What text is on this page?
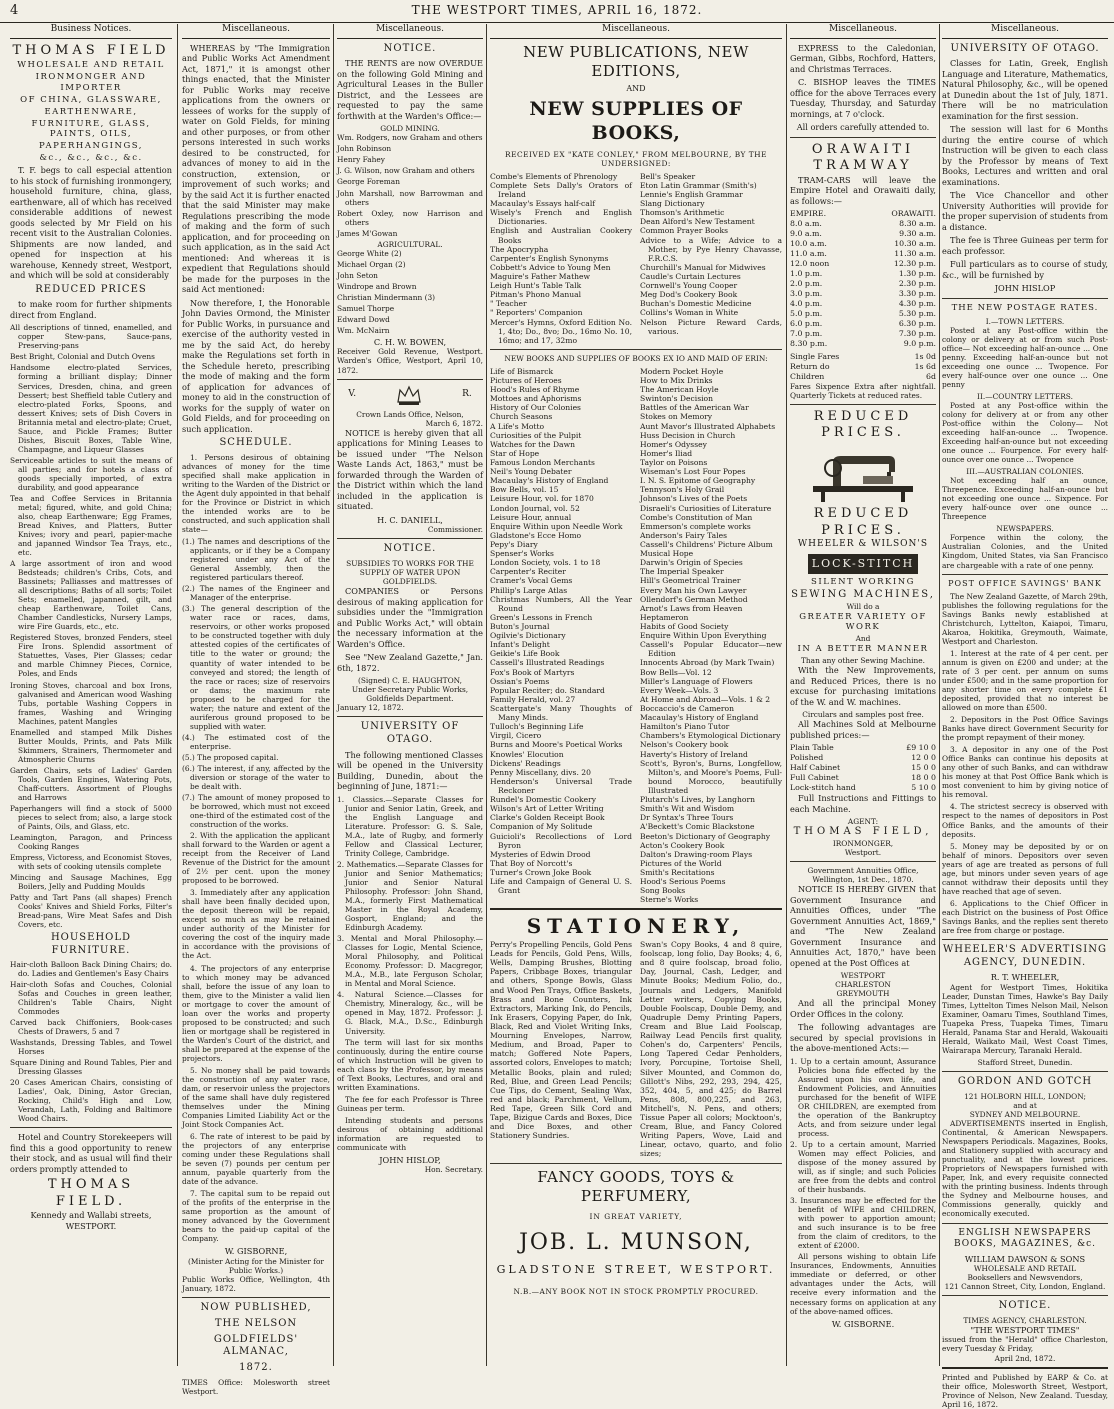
4	THE WESTPORT TIMES, APRIL 16, 1872.
Business Notices.
THOMAS FIELD
WHOLESALE AND RETAIL
IRONMONGER AND IMPORTER
OF CHINA, GLASSWARE,
EARTHENWARE,
FURNITURE, GLASS, PAINTS, OILS,
PAPERHANGINGS,
&c., &c., &c., &c.

T. F. begs to call especial attention to his stock of furnishing ironmongery, household furniture, china, glass, earthenware, all of which has received considerable additions of newest goods selected by Mr Field on his recent visit to the Australian Colonies. Shipments are now landed, and opened for inspection at his warehouse, Kennedy street, Westport, and which will be sold at considerably

REDUCED PRICES

to make room for further shipments direct from England.

All descriptions of tinned, enamelled, and copper Stew-pans, Sauce-pans, Preserving-pans
Best Bright, Colonial and Dutch Ovens
Handsome electro-plated Services, forming a brilliant display; Dinner Services, Dresden, china, and green Dessert; best Sheffield table Cutlery and electro-plated Forks, Spoons, and dessert Knives; sets of Dish Covers in Britannia metal and electro-plate; Cruet, Sauce, and Pickle Frames; Butter Dishes, Biscuit Boxes, Table Wine, Champagne, and Liqueur Glasses
Serviceable articles to suit the means of all parties; and for hotels a class of goods specially imported, of extra durability, and good appearance
Tea and Coffee Services in Britannia metal; figured, white, and gold China; also, cheap Earthenware; Egg Frames, Bread Knives, and Platters, Butter Knives; ivory and pearl, papier-mache and japanned Windsor Tea Trays, etc., etc.
A large assortment of iron and wood Bedsteads; children's Cribs, Cots, and Bassinets; Palliasses and mattresses of all descriptions; Baths of all sorts; Toilet Sets; enamelled, japanned, gilt, and cheap Earthenware, Toilet Cans, Chamber Candlesticks, Nursery Lamps, wire Fire Guards, etc., etc.
Registered Stoves, bronzed Fenders, steel Fire Irons. Splendid assortment of Statuettes, Vases, Pier Glasses; cedar and marble Chimney Pieces, Cornice, Poles, and Ends
Ironing Stoves, charcoal and box Irons, galvanised and American wood Washing Tubs, portable Washing Coppers in frames, Washing and Wringing Machines, patent Mangles
Enamelled and stamped Milk Dishes Butter Moulds, Prints, and Pats Milk Skimmers, Strainers, Thermometer and Atmospheric Churns
Garden Chairs, sets of Ladies' Garden Tools, Garden Engines, Watering Pots, Chaff-cutters. Assortment of Ploughs and Harrows
Paperhangers will find a stock of 5000 pieces to select from; also, a large stock of Paints, Oils, and Glass, etc.
Leamington, Paragon, and Princess Cooking Ranges
Empress, Victoress, and Economist Stoves, with sets of cooking utensils complete
Mincing and Sausage Machines, Egg Boilers, Jelly and Pudding Moulds
Patty and Tart Pans (all shapes) French Cooks' Knives and Shield Forks, Filter's Bread-pans, Wire Meat Safes and Dish Covers, etc.
HOUSEHOLD FURNITURE.
Hair-cloth Balloon Back Dining Chairs; do. do. Ladies and Gentlemen's Easy Chairs
Hair-cloth Sofas and Couches, Colonial Sofas and Couches in green leather, Children's Table Chairs, Night Commodes
Carved back Chiffoniers, Book-cases Chests of Drawers, 5 and 7
Washstands, Dressing Tables, and Towel Horses
Square Dining and Round Tables, Pier and Dressing Glasses
20 Cases American Chairs, consisting of Ladies', Oak, Dining, Astor Grecian, Rocking, Child's High and Low, Verandah, Lath, Folding and Baltimore Wood Chairs.

Hotel and Country Storekeepers will find this a good opportunity to renew their stock, and as usual will find their orders promptly attended to

THOMAS FIELD.
Kennedy and Wallabi streets,
WESTPORT.
Miscellaneous.

WHEREAS by "The Immigration and Public Works Act Amendment Act, 1871," it is amongst other things enacted, that the Minister for Public Works may receive applications from the owners or lessees of works for the supply of water on Gold Fields, for mining and other purposes, or from other persons interested in such works desired to be constructed, for advances of money to aid in the construction, extension, or improvement of such works; and by the said Act it is further enacted that the said Minister may make Regulations prescribing the mode of making and the form of such application, and for proceeding on such application, as in the said Act mentioned: And whereas it is expedient that Regulations should be made for the purposes in the said Act mentioned:

Now therefore, I, the Honorable John Davies Ormond, the Minister for Public Works, in pursuance and exercise of the authority vested in me by the said Act, do hereby make the Regulations set forth in the Schedule hereto, prescribing the mode of making and the form of application for advances of money to aid in the construction of works for the supply of water on Gold Fields, and for proceeding on such application.

SCHEDULE.

1. Persons desirous of obtaining advances of money for the time specified shall make application in writing to the Warden of the District or the Agent duly appointed in that behalf for the Province or District in which the intended works are to be constructed, and such application shall state—

(1.) The names and descriptions of the applicants, or if they be a Company registered under any Act of the General Assembly, then the registered particulars thereof.
(2.) The names of the Engineer and Manager of the enterprise.
(3.) The general description of the water race or races, dams, reservoirs, or other works proposed to be constructed together with duly attested copies of the certificates of title to the water or ground; the quantity of water intended to be conveyed and stored; the length of the race or races; size of reservoirs or dams; the maximum rate proposed to be charged for the water; the nature and extent of the auriferous ground proposed to be supplied with water.
(4.) The estimated cost of the enterprise.
(5.) The proposed capital.
(6.) The interest, if any, affected by the diversion or storage of the water to be dealt with.
(7.) The amount of money proposed to be borrowed, which must not exceed one-third of the estimated cost of the construction of the works.

2. With the application the applicant shall forward to the Warden or agent a receipt from the Receiver of Land Revenue of the District for the amount of 2½ per cent. upon the money proposed to be borrowed.

3. Immediately after any application shall have been finally decided upon, the deposit thereon will be repaid, except so much as may be retained under authority of the Minister for covering the cost of the inquiry made in accordance with the provisions of the Act.

4. The projectors of any enterprise to which money may be advanced shall, before the issue of any loan to them, give to the Minister a valid lien or mortgage to cover the amount of loan over the works and property proposed to be constructed; and such lien or mortgage shall be registered in the Warden's Court of the district, and shall be prepared at the expense of the projectors.

5. No money shall be paid towards the construction of any water race, dam, or reservoir unless the projectors of the same shall have duly registered themselves under the Mining Companies Limited Liability Act or the Joint Stock Companies Act.

6. The rate of interest to be paid by the projectors of any enterprise coming under these Regulations shall be seven (7) pounds per centum per annum, payable quarterly from the date of the advance.

7. The capital sum to be repaid out of the profits of the enterprise in the same proportion as the amount of money advanced by the Government bears to the paid-up capital of the Company.

W. GISBORNE,
(Minister Acting for the Minister for Public Works.)
Public Works Office, Wellington, 4th January, 1872.
NOW PUBLISHED,
THE NELSON
GOLDFIELDS' ALMANAC,
1872.
TIMES Office: Molesworth street Westport.
Miscellaneous.
NOTICE.

THE RENTS are now OVERDUE on the following Gold Mining and Agricultural Leases in the Buller District, and the Lessees are requested to pay the same forthwith at the Warden's Office:—

GOLD MINING.
Wm. Rodgers, now Graham and others
John Robinson
Henry Fahey
J. G. Wilson, now Graham and others
George Foreman
John Marshall, now Barrowman and others
Robert Oxley, now Harrison and others
James M'Gowan
AGRICULTURAL.
George White (2)
Michael Organ (2)
John Seton
Windrope and Brown
Christian Mindermann (3)
Samuel Thorpe
Edward Dowd
Wm. McNairn
C. H. W. BOWEN,
Receiver Gold Revenue, Westport. Warden's Office, Westport, April 10, 1872.
V.	R.
Crown Lands Office, Nelson,
March 6, 1872.

NOTICE is hereby given that all applications for Mining Leases to be issued under "The Nelson Waste Lands Act, 1863," must be forwarded through the Warden of the District within which the land included in the application is situated.

H. C. DANIELL,
Commissioner.
NOTICE.
SUBSIDIES TO WORKS FOR THE SUPPLY OF WATER UPON GOLDFIELDS.

COMPANIES or Persons desirous of making application for subsidies under the "Immigration and Public Works Act," will obtain the necessary information at the Warden's Office.

See "New Zealand Gazette," Jan. 6th, 1872.

(Signed) C. E. HAUGHTON,
Under Secretary Public Works,
Goldfields Department.
January 12, 1872.
UNIVERSITY OF OTAGO.

The following mentioned Classes will be opened in the University Building, Dunedin, about the beginning of June, 1871:—

1. Classics.—Separate Classes for Junior and Senior Latin, Greek, and the English Language and Literature. Professor: G. S. Sale, M.A., late of Rugby, and formerly Fellow and Classical Lecturer, Trinity College, Cambridge.
2. Mathematics.—Separate Classes for Junior and Senior Mathematics; Junior and Senior Natural Philosophy. Professor: John Shand, M.A., formerly First Mathematical Master in the Royal Academy, Gosport, England; and the Edinburgh Academy.
3. Mental and Moral Philosophy.—Classes for Logic, Mental Science, Moral Philosophy, and Political Economy. Professor: D. Macgregor, M.A., M.B., late Ferguson Scholar, in Mental and Moral Science.
4. Natural Science.—Classes for Chemistry, Mineralogy, &c., will be opened in May, 1872. Professor: J. G. Black, M.A., D.Sc., Edinburgh University.

The term will last for six months continuously, during the entire course of which Instruction will be given to each class by the Professor, by means of Text Books, Lectures, and oral and written Examinations.

The fee for each Professor is Three Guineas per term.

Intending students and persons desirous of obtaining additional information are requested to communicate with

JOHN HISLOP,
Hon. Secretary.
Miscellaneous.
NEW PUBLICATIONS, NEW EDITIONS,
AND
NEW SUPPLIES OF BOOKS,
RECEIVED EX "KATE CONLEY," FROM MELBOURNE, BY THE UNDERSIGNED:
Combe's Elements of Phrenology
Complete Sets Dally's Orators of Ireland
Macaulay's Essays half-calf
Wisely's French and English Dictionaries.
English and Australian Cookery Books
The Apocrypha
Carpenter's English Synonyms
Cobbett's Advice to Young Men
Maguire's Father Mathew
Leigh Hunt's Table Talk
Pitman's Phono Manual
" Teacher
" Reporters' Companion
Mercer's Hymns, Oxford Edition No. 1, 4to; Do., 8vo; Do., 16mo No. 10, 16mo; and 17, 32mo
Bell's Speaker
Eton Latin Grammar (Smith's)
Lennie's English Grammar
Slang Dictionary
Thomson's Arithmetic
Dean Alford's New Testament
Common Prayer Books
Advice to a Wife; Advice to a Mother, by Pye Henry Chavasse, F.R.C.S.
Churchill's Manual for Midwives
Caudle's Curtain Lectures
Cornwell's Young Cooper
Meg Dod's Cookery Book
Buchan's Domestic Medicine
Collins's Woman in White
Nelson Picture Reward Cards, various.
NEW BOOKS AND SUPPLIES OF BOOKS EX IO AND MAID OF ERIN:
Life of Bismarck
Pictures of Heroes
Hood's Rules of Rhyme
Mottoes and Aphorisms
History of Our Colonies
Church Seasons
A Life's Motto
Curiosities of the Pulpit
Watches for the Dawn
Star of Hope
Famous London Merchants
Neil's Young Debater
Macaulay's History of England
Bow Bells, vol. 15
Leisure Hour, vol. for 1870
London Journal, vol. 52
Leisure Hour, annual
Enquire Within upon Needle Work
Gladstone's Ecce Homo
Pepy's Diary
Spenser's Works
London Society, vols. 1 to 18
Carpenter's Reciter
Cramer's Vocal Gems
Phillip's Large Atlas
Christmas Numbers, All the Year Round
Green's Lessons in French
Buton's Journal
Ogilvie's Dictionary
Infant's Delight
Geikie's Life Book
Cassell's Illustrated Readings
Fox's Book of Martyrs
Ossian's Poems
Popular Reciter; do. Standard
Family Herald, vol. 27
Scattergate's Many Thoughts of Many Minds.
Tulloch's Beginning Life
Virgil, Cicero
Burns and Moore's Poetical Works
Knowles' Elocution
Dickens' Readings
Penny Miscellany, divs. 20
Henderson's Universal Trade Reckoner
Rundel's Domestic Cookery
Wilson's Art of Letter Writing
Clarke's Golden Receipt Book
Companion of My Solitude
Guicioli's Recollections of Lord Byron
Mysteries of Edwin Drood
That Boy of Norcott's
Turner's Crown Joke Book
Life and Campaign of General U. S. Grant
Modern Pocket Hoyle
How to Mix Drinks
The American Hoyle
Swinton's Decision
Battles of the American War
Stokes on Memory
Aunt Mavor's Illustrated Alphabets
Huss Decision in Church
Homer's Odyssey
Homer's Iliad
Taylor on Poisons
Wiseman's Lost Four Popes
I. N. S. Epitome of Geography
Tennyson's Holy Grail
Johnson's Lives of the Poets
Disraeli's Curiosities of Literature
Combe's Constitution of Man
Emmerson's complete works
Anderson's Fairy Tales
Cassell's Childrens' Picture Album
Musical Hope
Darwin's Origin of Species
The Imperial Speaker
Hill's Geometrical Trainer
Every Man his Own Lawyer
Ollendorf's German Method
Arnot's Laws from Heaven
Heptameron
Habits of Good Society
Enquire Within Upon Everything
Cassell's Popular Educator—new Edition
Innocents Abroad (by Mark Twain)
Bow Bells—Vol. 12
Miller's Language of Flowers
Every Week—Vols. 3
At Home and Abroad—Vols. 1 & 2
Boccaccio's de Cameron
Macaulay's History of England
Hamilton's Piano Tutor
Chambers's Etymological Dictionary
Nelson's Cookery book
Haverty's History of Ireland
Scott's, Byron's, Burns, Longfellow, Milton's, and Moore's Poems, Full-bound Morocco, beautifully Illustrated
Plutarch's Lives, by Langhorn
Smith's Wit and Wisdom
Dr Syntax's Three Tours
A'Beckett's Comic Blackstone
Beeton's Dictionary of Geography
Acton's Cookery Book
Dalton's Drawing-room Plays
Pictures of the World
Smith's Recitations
Hood's Serious Poems
Song Books
Sterne's Works
STATIONERY,
Perry's Propelling Pencils, Gold Pens Leads for Pencils, Gold Pens, Wills, Wells, Damping Brushes, Blotting Papers, Cribbage Boxes, triangular and others, Sponge Bowls, Glass and Wood Pen Trays, Office Baskets, Brass and Bone Counters, Ink Extractors, Marking Ink, do Pencils, Ink Erasers, Copying Paper, do Ink, Black, Red and Violet Writing Inks, Mourning Envelopes, Narrow, Medium, and Broad, Paper to match; Goffered Note Papers, assorted colors, Envelopes to match; Metallic Books, plain and ruled; Red, Blue, and Green Lead Pencils; Cue Tips, do Cement, Sealing Wax, red and black; Parchment, Vellum, Red Tape, Green Silk Cord and Tape, Bizigue Cards and Boxes, Dice and Dice Boxes, and other Stationery Sundries.
Swan's Copy Books, 4 and 8 quire, foolscap, long folio, Day Books; 4, 6, and 8 quire foolscap, broad folio, Day, Journal, Cash, Ledger, and Minute Books; Medium Folio, do., Journals and Ledgers, Manifold Letter writers, Copying Books, Double Foolscap, Double Demy, and Quadruple Demy Printing Papers, Cream and Blue Laid Foolscap, Railway Lead Pencils first quality, Cohen's do, Carpenters' Pencils, Long Tapered Cedar Penholders, Ivory, Porcupine, Tortoise Shell, Silver Mounted, and Common do, Gillott's Nibs, 292, 293, 294, 425, 352, 404, 5, and 425; do Barrel Pens, 808, 800,225, and 263, Mitchell's, N. Pens, and others; Tissue Paper all colors; Mocktoon's, Cream, Blue, and Fancy Colored Writing Papers, Wove, Laid and Linear, octavo, quarto, and folio sizes;
FANCY GOODS, TOYS & PERFUMERY,
IN GREAT VARIETY,
JOB. L. MUNSON,
GLADSTONE STREET, WESTPORT.
N.B.—ANY BOOK NOT IN STOCK PROMPTLY PROCURED.
Miscellaneous.

EXPRESS to the Caledonian, German, Gibbs, Rochford, Hatters, and Christmas Terraces.

C. BISHOP leaves the TIMES office for the above Terraces every Tuesday, Thursday, and Saturday mornings, at 7 o'clock.

All orders carefully attended to.
ORAWAITI TRAMWAY

TRAM-CARS will leave the Empire Hotel and Orawaiti daily, as follows:—

EMPIRE.	ORAWAITI.
8.0 a.m.	8.30 a.m.
9.0 a.m.	9.30 a.m.
10.0 a.m.	10.30 a.m.
11.0 a.m.	11.30 a.m.
12.0 noon	12.30 p.m.
1.0 p.m.	1.30 p.m.
2.0 p.m.	2.30 p.m.
3.0 p.m.	3.30 p.m.
4.0 p.m.	4.30 p.m.
5.0 p.m.	5.30 p.m.
6.0 p.m.	6.30 p.m.
7.0 p.m.	7.30 p.m.
8.30 p.m.	9.0 p.m.
Single Fares	1s 0d
Return do	1s 6d
Children	6d
Fares Sixpence Extra after nightfall. Quarterly Tickets at reduced rates.
REDUCED PRICES.
REDUCED PRICES.
WHEELER & WILSON'S
LOCK-STITCH
SILENT WORKING
SEWING MACHINES,
Will do a
GREATER VARIETY OF WORK
And
IN A BETTER MANNER
Than any other Sewing Machine.

With the New Improvements, and Reduced Prices, there is no excuse for purchasing imitations of the W. and W. machines.

Circulars and samples post free.

All Machines Sold at Melbourne published prices:—

Plain Table	£9 10 0
Polished	12 0 0
Half Cabinet	15 0 0
Full Cabinet	18 0 0
Lock-stitch hand	5 10 0

Full Instructions and Fittings to each Machine.

AGENT:
THOMAS FIELD,
IRONMONGER,
Westport.
Government Annuities Office, Wellington, 1st Dec., 1870.

NOTICE IS HEREBY GIVEN that Government Insurance and Annuities Offices, under "The Government Annuities Act, 1869," and "The New Zealand Government Insurance and Annuities Act, 1870," have been opened at the Post Offices at

WESTPORT
CHARLESTON
GREYMOUTH

And all the principal Money Order Offices in the colony.

The following advantages are secured by special provisions in the above-mentioned Acts:—

1. Up to a certain amount, Assurance Policies bona fide effected by the Assured upon his own life, and Endowment Policies, and Annuities purchased for the benefit of WIFE OR CHILDREN, are exempted from the operation of the Bankruptcy Acts, and from seizure under legal process.
2. Up to a certain amount, Married Women may effect Policies, and dispose of the money assured by will, as if single; and such Policies are free from the debts and control of their husbands.
3. Insurances may be effected for the benefit of WIFE and CHILDREN, with power to apportion amount; and such insurance is to be free from the claim of creditors, to the extent of £2000.

All persons wishing to obtain Life Insurances, Endowments, Annuities immediate or deferred, or other advantages under the Acts, will receive every information and the necessary forms on application at any of the above-named offices.

W. GISBORNE.
Miscellaneous.
UNIVERSITY OF OTAGO.

Classes for Latin, Greek, English Language and Literature, Mathematics, Natural Philosophy, &c., will be opened at Dunedin about the 1st of July, 1871. There will be no matriculation examination for the first session.

The session will last for 6 Months during the entire course of which Instruction will be given to each class by the Professor by means of Text Books, Lectures and written and oral examinations.

The Vice Chancellor and other University Authorities will provide for the proper supervision of students from a distance.

The fee is Three Guineas per term for each professor.

Full particulars as to course of study, &c., will be furnished by

JOHN HISLOP
THE NEW POSTAGE RATES.
I.—TOWN LETTERS.

Posted at any Post-office within the colony or delivery at or from such Post-office— Not exceeding half-an-ounce ... One penny. Exceeding half-an-ounce but not exceeding one ounce ... Twopence. For every half-ounce over one ounce ... One penny

II.—COUNTRY LETTERS.

Posted at any Post-office within the colony for delivery at or from any other Post-office within the Colony— Not exceeding half-an-ounce ... Twopence. Exceeding half-an-ounce but not exceeding one ounce ... Fourpence. For every half-ounce over one ounce ... Twopence

III.—AUSTRALIAN COLONIES.

Not exceeding half an ounce, Threepence. Exceeding half-an-ounce but not exceeding one ounce ... Sixpence. For every half-ounce over one ounce ... Threepence

NEWSPAPERS.

Forpence within the colony, the Australian Colonies, and the United Kingdom, United States, via San Francisco are chargeable with a rate of one penny.

POST OFFICE SAVINGS' BANK

The New Zealand Gazette, of March 29th, publishes the following regulations for the Savings Banks newly established at Christchurch, Lyttelton, Kaiapoi, Timaru, Akaroa, Hokitika, Greymouth, Waimate, Westport and Charleston.

1. Interest at the rate of 4 per cent. per annum is given on £200 and under; at the rate of 3 per cent. per annum on sums under £500; and in the same proportion for any shorter time on every complete £1 deposited, provided that no interest be allowed on more than £500.

2. Depositors in the Post Office Savings Banks have direct Government Security for the prompt repayment of their money.

3. A depositor in any one of the Post Office Banks can continue his deposits at any other of such Banks, and can withdraw his money at that Post Office Bank which is most convenient to him by giving notice of his removal.

4. The strictest secrecy is observed with respect to the names of depositors in Post Office Banks, and the amounts of their deposits.

5. Money may be deposited by or on behalf of minors. Depositors over seven years of age are treated as persons of full age, but minors under seven years of age cannot withdraw their deposits until they have reached that age of seven.

6. Applications to the Chief Officer in each District on the business of Post Office Savings Banks, and the replies sent thereto are free from charge or postage.

WHEELER'S ADVERTISING AGENCY, DUNEDIN.
R. T. WHEELER,

Agent for Westport Times, Hokitika Leader, Dunstan Times, Hawke's Bay Daily Times, Lyttelton Times Nelson Mail, Nelson Examiner, Oamaru Times, Southland Times, Tuapeka Press, Tuapeka Times, Timaru Herald, Panama Star and Herald, Wakouaiti Herald, Waikato Mail, West Coast Times, Wairarapa Mercury, Taranaki Herald.

Stafford Street, Dunedin.
GORDON AND GOTCH
121 HOLBORN HILL, LONDON;
and at
SYDNEY AND MELBOURNE.

ADVERTISEMENTS inserted in English, Continental, & American Newspapers. Newspapers Periodicals. Magazines, Books, and Stationery supplied with accuracy and punctuality, and at the lowest prices. Proprietors of Newspapers furnished with Paper, Ink, and every requisite connected with the printing business. Indents through the Sydney and Melbourne houses, and Commissions generally, quickly and economically executed.

ENGLISH NEWSPAPERS BOOKS, MAGAZINES, &c.
WILLIAM DAWSON & SONS
WHOLESALE AND RETAIL
Booksellers and Newsvendors,
121 Cannon Street, City, London, England.
NOTICE.
TIMES AGENCY, CHARLESTON.
"THE WESTPORT TIMES"
issued from the "Herald" office Charleston, every Tuesday & Friday,
April 2nd, 1872.
Printed and Published by EARP & Co. at their office, Molesworth Street, Westport, Province of Nelson, New Zealand. Tuesday, April 16, 1872.
